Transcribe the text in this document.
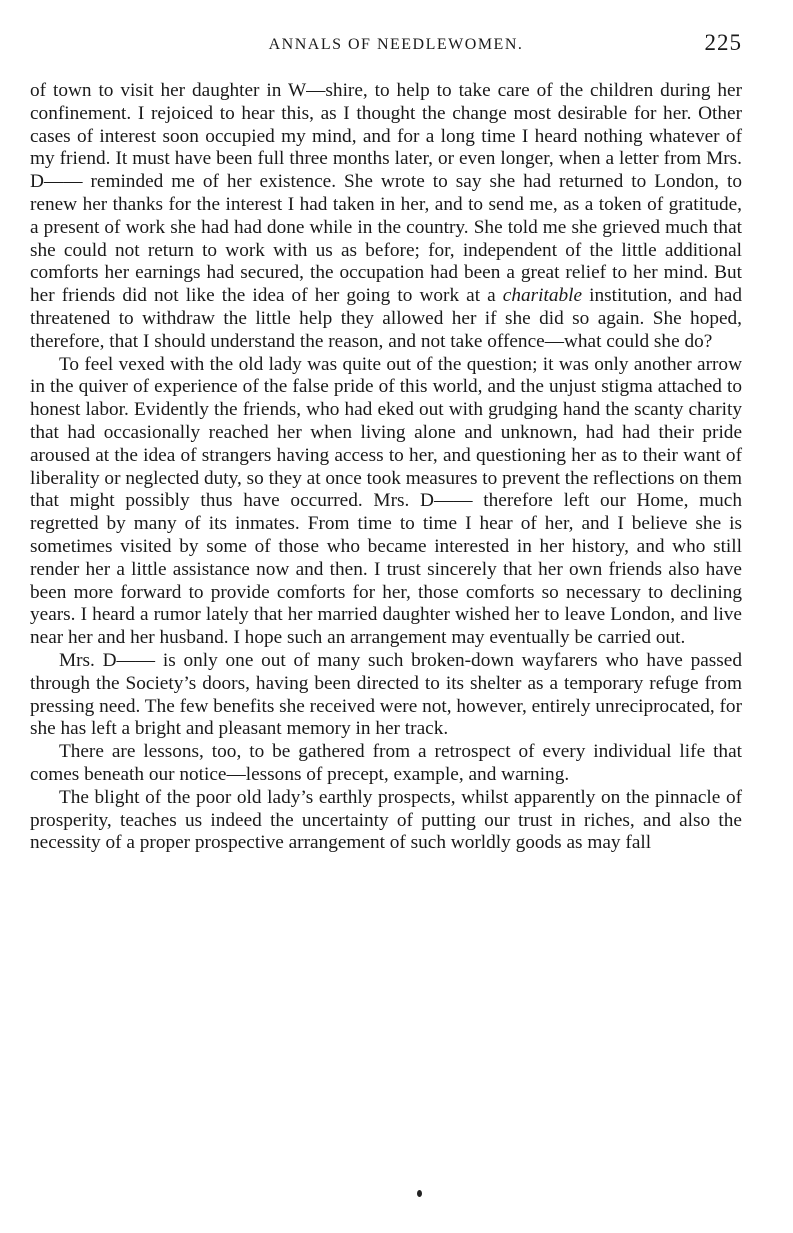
ANNALS OF NEEDLEWOMEN.	225

of town to visit her daughter in W—shire, to help to take care of the children during her confinement. I rejoiced to hear this, as I thought the change most desirable for her. Other cases of interest soon occupied my mind, and for a long time I heard nothing whatever of my friend. It must have been full three months later, or even longer, when a letter from Mrs. D—— reminded me of her existence. She wrote to say she had returned to London, to renew her thanks for the interest I had taken in her, and to send me, as a token of gratitude, a present of work she had had done while in the country. She told me she grieved much that she could not return to work with us as before; for, independent of the little additional comforts her earnings had secured, the occupation had been a great relief to her mind. But her friends did not like the idea of her going to work at a charitable institution, and had threatened to withdraw the little help they allowed her if she did so again. She hoped, therefore, that I should understand the reason, and not take offence—what could she do?

To feel vexed with the old lady was quite out of the question; it was only another arrow in the quiver of experience of the false pride of this world, and the unjust stigma attached to honest labor. Evidently the friends, who had eked out with grudging hand the scanty charity that had occasionally reached her when living alone and unknown, had had their pride aroused at the idea of strangers having access to her, and questioning her as to their want of liberality or neglected duty, so they at once took measures to prevent the reflections on them that might possibly thus have occurred. Mrs. D—— therefore left our Home, much regretted by many of its inmates. From time to time I hear of her, and I believe she is sometimes visited by some of those who became interested in her history, and who still render her a little assistance now and then. I trust sincerely that her own friends also have been more forward to provide comforts for her, those comforts so necessary to declining years. I heard a rumor lately that her married daughter wished her to leave London, and live near her and her husband. I hope such an arrangement may eventually be carried out.

Mrs. D—— is only one out of many such broken-down wayfarers who have passed through the Society’s doors, having been directed to its shelter as a temporary refuge from pressing need. The few benefits she received were not, however, entirely unreciprocated, for she has left a bright and pleasant memory in her track.

There are lessons, too, to be gathered from a retrospect of every individual life that comes beneath our notice—lessons of precept, example, and warning.

The blight of the poor old lady’s earthly prospects, whilst apparently on the pinnacle of prosperity, teaches us indeed the uncertainty of putting our trust in riches, and also the necessity of a proper prospective arrangement of such worldly goods as may fall
